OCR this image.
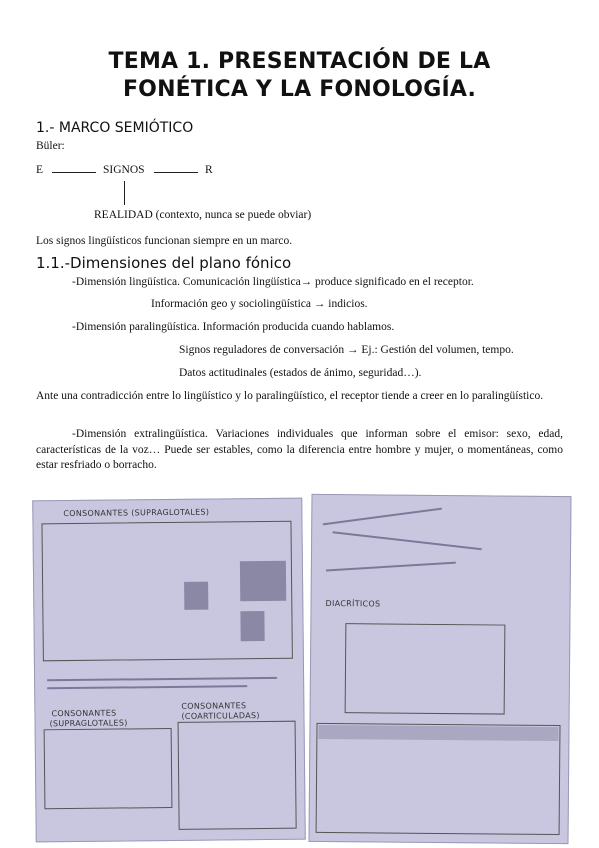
TEMA 1. PRESENTACIÓN DE LA
FONÉTICA Y LA FONOLOGÍA.
1.- MARCO SEMIÓTICO
Büler:
E	SIGNOS	R
REALIDAD (contexto, nunca se puede obviar)
Los signos lingüísticos funcionan siempre en un marco.
1.1.-Dimensiones del plano fónico
-Dimensión lingüística. Comunicación lingüística→ produce significado en el receptor.
Información geo y sociolingüística → indicios.
-Dimensión paralingüística. Información producida cuando hablamos.
Signos reguladores de conversación → Ej.: Gestión del volumen, tempo.
Datos actitudinales (estados de ánimo, seguridad…).
Ante una contradicción entre lo lingüístico y lo paralingüístico, el receptor tiende a creer en lo paralingüístico.
-Dimensión extralingüística. Variaciones individuales que informan sobre el emisor: sexo, edad, características de la voz… Puede ser estables, como la diferencia entre hombre y mujer, o momentáneas, como estar resfriado o borracho.
CONSONANTES (SUPRAGLOTALES)
CONSONANTES
(SUPRAGLOTALES)
CONSONANTES
(COARTICULADAS)
DIACRÍTICOS
